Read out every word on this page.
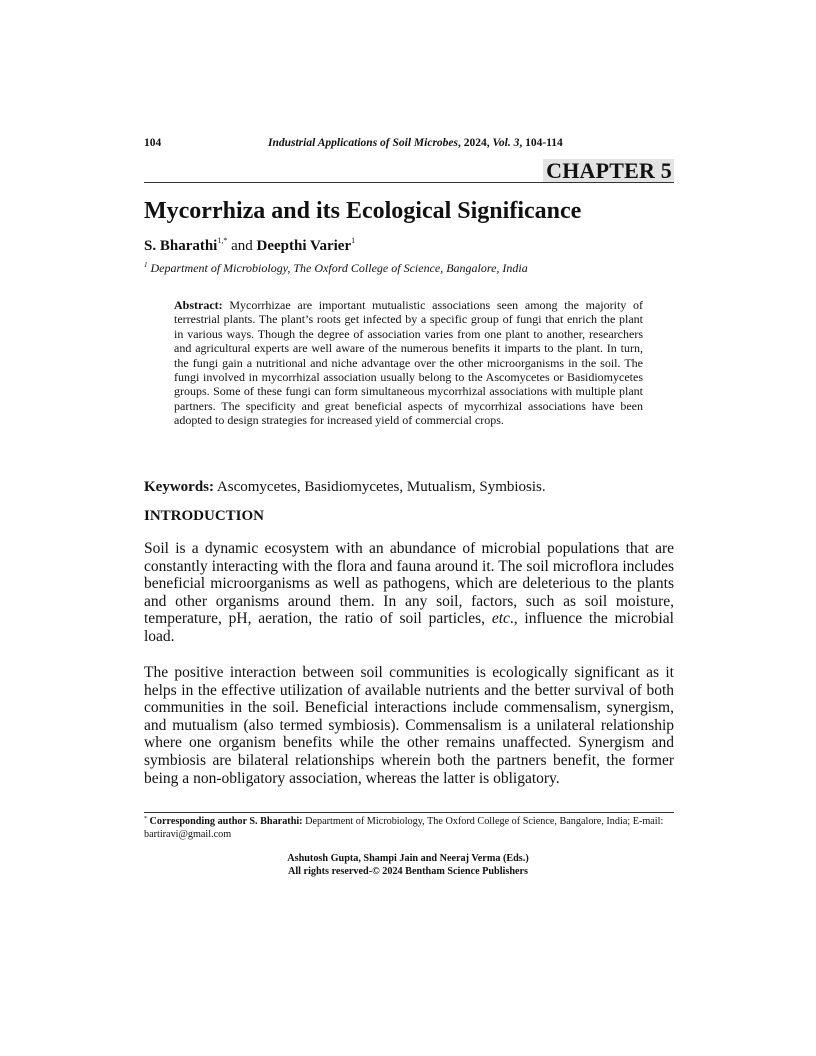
104	Industrial Applications of Soil Microbes, 2024, Vol. 3, 104-114
CHAPTER 5
Mycorrhiza and its Ecological Significance
S. Bharathi$^{1,*}$ and Deepthi Varier$^1$
$^1$ Department of Microbiology, The Oxford College of Science, Bangalore, India
Abstract: Mycorrhizae are important mutualistic associations seen among the majority of terrestrial plants. The plant’s roots get infected by a specific group of fungi that enrich the plant in various ways. Though the degree of association varies from one plant to another, researchers and agricultural experts are well aware of the numerous benefits it imparts to the plant. In turn, the fungi gain a nutritional and niche advantage over the other microorganisms in the soil. The fungi involved in mycorrhizal association usually belong to the Ascomycetes or Basidiomycetes groups. Some of these fungi can form simultaneous mycorrhizal associations with multiple plant partners. The specificity and great beneficial aspects of mycorrhizal associations have been adopted to design strategies for increased yield of commercial crops.
Keywords: Ascomycetes, Basidiomycetes, Mutualism, Symbiosis.
INTRODUCTION
Soil is a dynamic ecosystem with an abundance of microbial populations that are constantly interacting with the flora and fauna around it. The soil microflora includes beneficial microorganisms as well as pathogens, which are deleterious to the plants and other organisms around them. In any soil, factors, such as soil moisture, temperature, pH, aeration, the ratio of soil particles, etc., influence the microbial load.
The positive interaction between soil communities is ecologically significant as it helps in the effective utilization of available nutrients and the better survival of both communities in the soil. Beneficial interactions include commensalism, synergism, and mutualism (also termed symbiosis). Commensalism is a unilateral relationship where one organism benefits while the other remains unaffected. Synergism and symbiosis are bilateral relationships wherein both the partners benefit, the former being a non-obligatory association, whereas the latter is obligatory.
* Corresponding author S. Bharathi: Department of Microbiology, The Oxford College of Science, Bangalore, India; E-mail: bartiravi@gmail.com
Ashutosh Gupta, Shampi Jain and Neeraj Verma (Eds.)
All rights reserved-© 2024 Bentham Science Publishers
